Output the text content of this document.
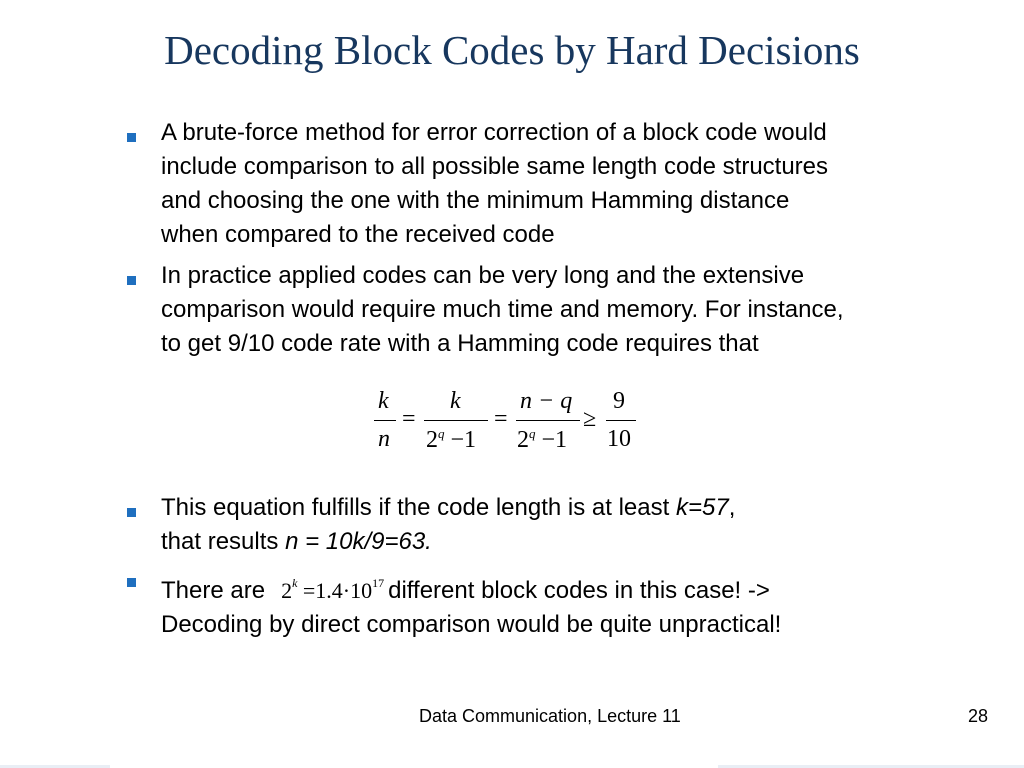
Decoding Block Codes by Hard Decisions
A brute-force method for error correction of a block code would
include comparison to all possible same length code structures
and choosing the one with the minimum Hamming distance
when compared to the received code
In practice applied codes can be very long and the extensive
comparison would require much time and memory. For instance,
to get 9/10 code rate with a Hamming code requires that
k
n
=
k
$2^q -1$
=
n − q
$2^q -1$
≥
9
10
This equation fulfills if the code length is at least k=57,
that results n = 10k/9=63.
There are $2^k =1.4\cdot 10^{17}$ different block codes in this case! ->
Decoding by direct comparison would be quite unpractical!
Data Communication, Lecture 11	28
